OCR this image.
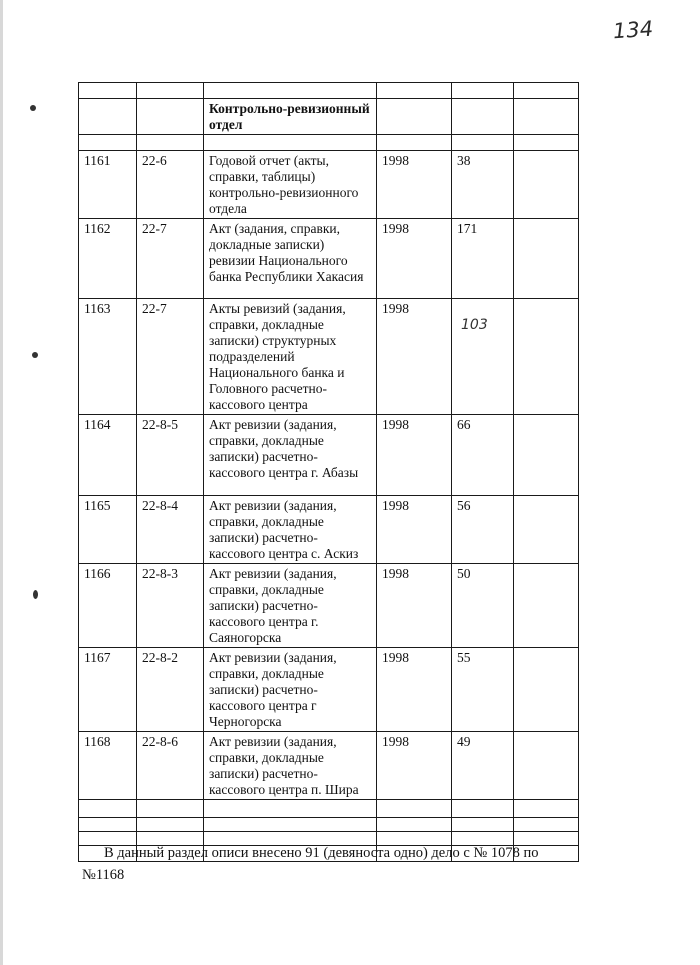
134

		Контрольно-ревизионный отдел			

1161	22-6	Годовой отчет (акты, справки, таблицы) контрольно-ревизионного отдела	1998	38	
1162	22-7	Акт (задания, справки, докладные записки) ревизии Национального банка Республики Хакасия	1998	171	
1163	22-7	Акты ревизий (задания, справки, докладные записки) структурных подразделений Национального банка и Головного расчетно-кассового центра	1998	103	
1164	22-8-5	Акт ревизии (задания, справки, докладные записки) расчетно-кассового центра г. Абазы	1998	66	
1165	22-8-4	Акт ревизии (задания, справки, докладные записки) расчетно-кассового центра с. Аскиз	1998	56	
1166	22-8-3	Акт ревизии (задания, справки, докладные записки) расчетно-кассового центра г. Саяногорска	1998	50	
1167	22-8-2	Акт ревизии (задания, справки, докладные записки) расчетно-кассового центра г Черногорска	1998	55	
1168	22-8-6	Акт ревизии (задания, справки, докладные записки) расчетно-кассового центра п. Шира	1998	49	

В данный раздел описи внесено 91 (девяноста одно) дело с № 1078 по
№1168
